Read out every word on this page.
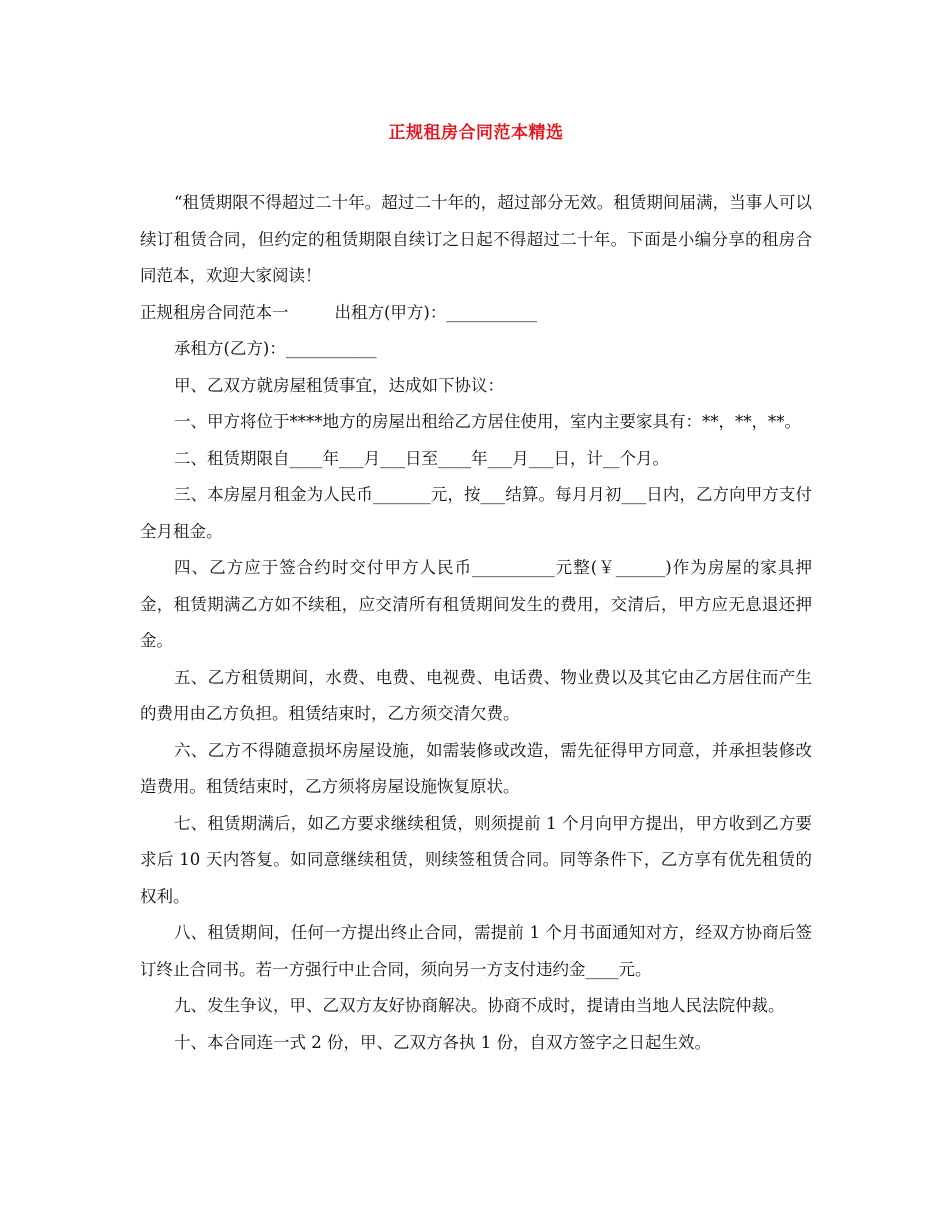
正规租房合同范本精选

“租赁期限不得超过二十年。超过二十年的，超过部分无效。租赁期间届满，当事人可以续订租赁合同，但约定的租赁期限自续订之日起不得超过二十年。下面是小编分享的租房合同范本，欢迎大家阅读！

正规租房合同范本一	出租方(甲方)：___________

承租方(乙方)：___________

甲、乙双方就房屋租赁事宜，达成如下协议：

一、甲方将位于****地方的房屋出租给乙方居住使用，室内主要家具有：**，**，**。

二、租赁期限自____年___月___日至____年___月___日，计__个月。

三、本房屋月租金为人民币_______元，按___结算。每月月初___日内，乙方向甲方支付全月租金。

四、乙方应于签合约时交付甲方人民币__________元整(￥______)作为房屋的家具押金，租赁期满乙方如不续租，应交清所有租赁期间发生的费用，交清后，甲方应无息退还押金。

五、乙方租赁期间，水费、电费、电视费、电话费、物业费以及其它由乙方居住而产生的费用由乙方负担。租赁结束时，乙方须交清欠费。

六、乙方不得随意损坏房屋设施，如需装修或改造，需先征得甲方同意，并承担装修改造费用。租赁结束时，乙方须将房屋设施恢复原状。

七、租赁期满后，如乙方要求继续租赁，则须提前 1 个月向甲方提出，甲方收到乙方要求后 10 天内答复。如同意继续租赁，则续签租赁合同。同等条件下，乙方享有优先租赁的权利。

八、租赁期间，任何一方提出终止合同，需提前 1 个月书面通知对方，经双方协商后签订终止合同书。若一方强行中止合同，须向另一方支付违约金____元。

九、发生争议，甲、乙双方友好协商解决。协商不成时，提请由当地人民法院仲裁。

十、本合同连一式 2 份，甲、乙双方各执 1 份，自双方签字之日起生效。
